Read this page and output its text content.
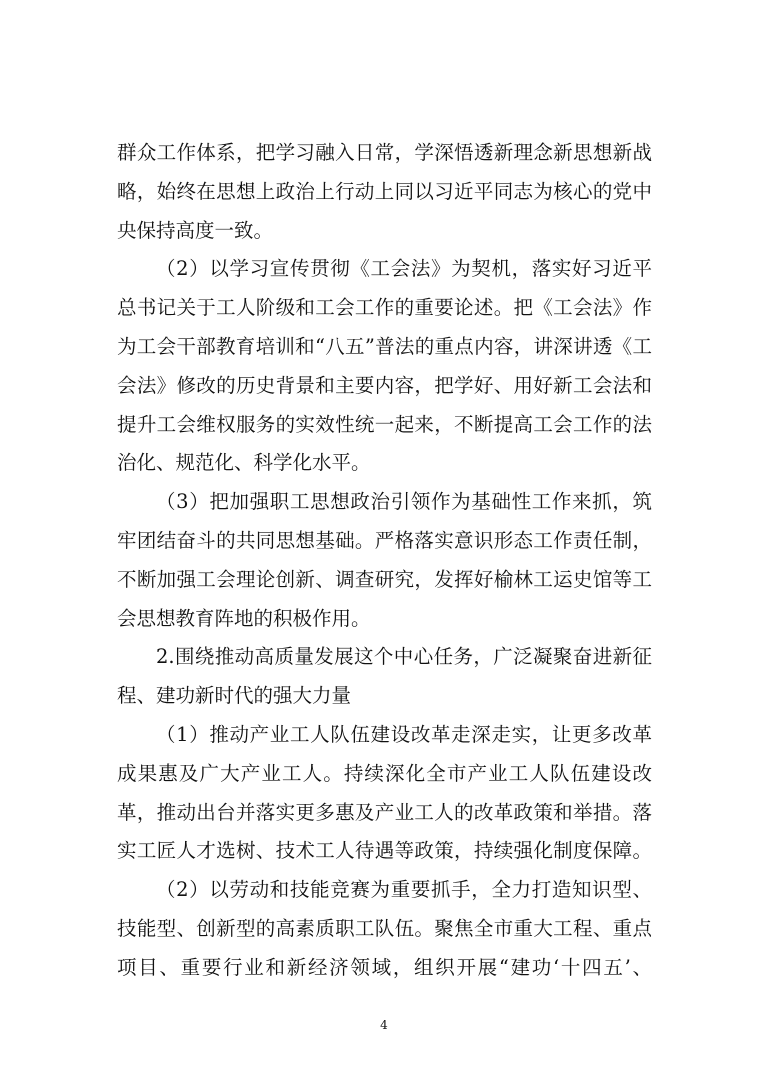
群众工作体系，把学习融入日常，学深悟透新理念新思想新战
略，始终在思想上政治上行动上同以习近平同志为核心的党中
央保持高度一致。
（2）以学习宣传贯彻《工会法》为契机，落实好习近平
总书记关于工人阶级和工会工作的重要论述。把《工会法》作
为工会干部教育培训和“八五”普法的重点内容，讲深讲透《工
会法》修改的历史背景和主要内容，把学好、用好新工会法和
提升工会维权服务的实效性统一起来，不断提高工会工作的法
治化、规范化、科学化水平。
（3）把加强职工思想政治引领作为基础性工作来抓，筑
牢团结奋斗的共同思想基础。严格落实意识形态工作责任制，
不断加强工会理论创新、调查研究，发挥好榆林工运史馆等工
会思想教育阵地的积极作用。
2.围绕推动高质量发展这个中心任务，广泛凝聚奋进新征
程、建功新时代的强大力量
（1）推动产业工人队伍建设改革走深走实，让更多改革
成果惠及广大产业工人。持续深化全市产业工人队伍建设改
革，推动出台并落实更多惠及产业工人的改革政策和举措。落
实工匠人才选树、技术工人待遇等政策，持续强化制度保障。
（2）以劳动和技能竞赛为重要抓手，全力打造知识型、
技能型、创新型的高素质职工队伍。聚焦全市重大工程、重点
项目、重要行业和新经济领域，组织开展“建功‘十四五’、
4
